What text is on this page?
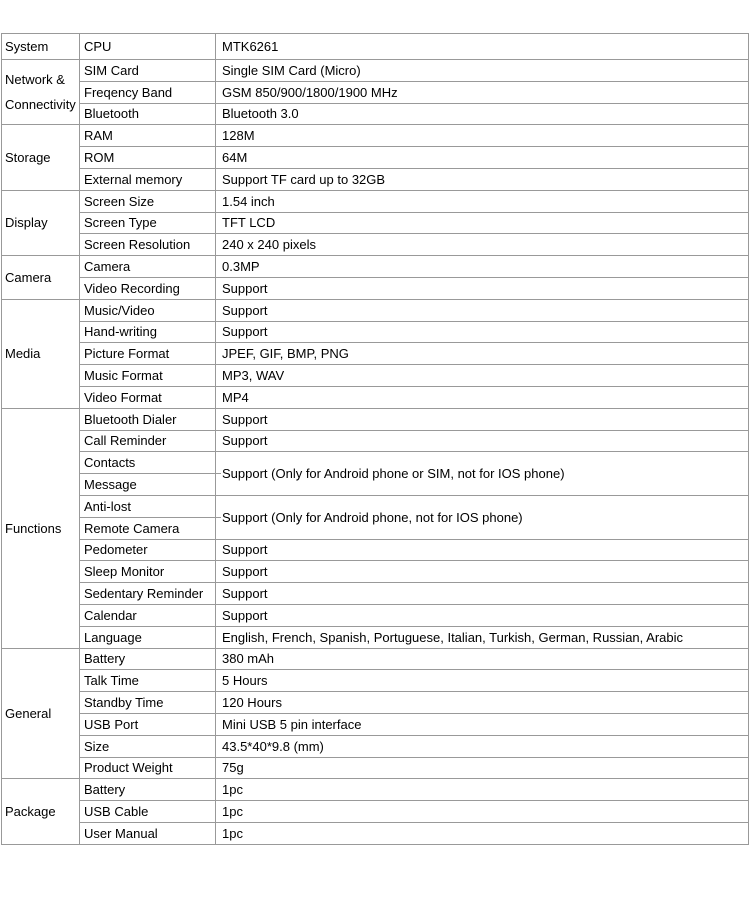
System	CPU	MTK6261
Network & Connectivity	SIM Card	Single SIM Card (Micro)
	Freqency Band	GSM 850/900/1800/1900 MHz
	Bluetooth	Bluetooth 3.0
Storage	RAM	128M
	ROM	64M
	External memory	Support TF card up to 32GB
Display	Screen Size	1.54 inch
	Screen Type	TFT LCD
	Screen Resolution	240 x 240 pixels
Camera	Camera	0.3MP
	Video Recording	Support
Media	Music/Video	Support
	Hand-writing	Support
	Picture Format	JPEF, GIF, BMP, PNG
	Music Format	MP3, WAV
	Video Format	MP4
Functions	Bluetooth Dialer	Support
	Call Reminder	Support
	Contacts	Support (Only for Android phone or SIM, not for IOS phone)
	Message	
	Anti-lost	Support (Only for Android phone, not for IOS phone)
	Remote Camera	
	Pedometer	Support
	Sleep Monitor	Support
	Sedentary Reminder	Support
	Calendar	Support
	Language	English, French, Spanish, Portuguese, Italian, Turkish, German, Russian, Arabic
General	Battery	380 mAh
	Talk Time	5 Hours
	Standby Time	120 Hours
	USB Port	Mini USB 5 pin interface
	Size	43.5*40*9.8 (mm)
	Product Weight	75g
Package	Battery	1pc
	USB Cable	1pc
	User Manual	1pc
